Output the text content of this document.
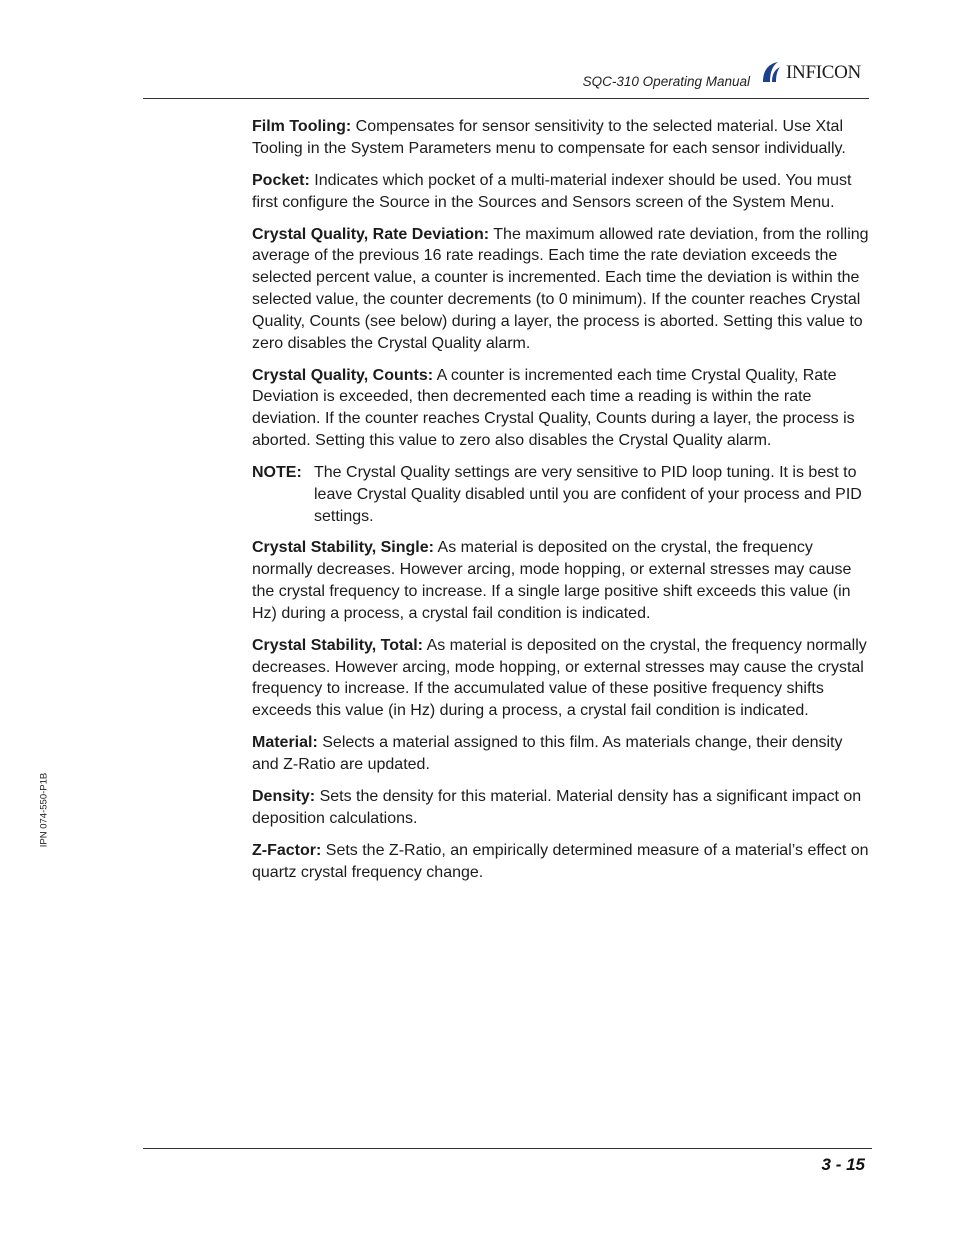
SQC-310 Operating Manual INFICON
IPN 074-550-P1B

Film Tooling: Compensates for sensor sensitivity to the selected material. Use Xtal Tooling in the System Parameters menu to compensate for each sensor individually.

Pocket: Indicates which pocket of a multi-material indexer should be used. You must first configure the Source in the Sources and Sensors screen of the System Menu.

Crystal Quality, Rate Deviation: The maximum allowed rate deviation, from the rolling average of the previous 16 rate readings. Each time the rate deviation exceeds the selected percent value, a counter is incremented. Each time the deviation is within the selected value, the counter decrements (to 0 minimum). If the counter reaches Crystal Quality, Counts (see below) during a layer, the process is aborted. Setting this value to zero disables the Crystal Quality alarm.

Crystal Quality, Counts: A counter is incremented each time Crystal Quality, Rate Deviation is exceeded, then decremented each time a reading is within the rate deviation. If the counter reaches Crystal Quality, Counts during a layer, the process is aborted. Setting this value to zero also disables the Crystal Quality alarm.

NOTE: The Crystal Quality settings are very sensitive to PID loop tuning. It is best to leave Crystal Quality disabled until you are confident of your process and PID settings.

Crystal Stability, Single: As material is deposited on the crystal, the frequency normally decreases. However arcing, mode hopping, or external stresses may cause the crystal frequency to increase. If a single large positive shift exceeds this value (in Hz) during a process, a crystal fail condition is indicated.

Crystal Stability, Total: As material is deposited on the crystal, the frequency normally decreases. However arcing, mode hopping, or external stresses may cause the crystal frequency to increase. If the accumulated value of these positive frequency shifts exceeds this value (in Hz) during a process, a crystal fail condition is indicated.

Material: Selects a material assigned to this film. As materials change, their density and Z-Ratio are updated.

Density: Sets the density for this material. Material density has a significant impact on deposition calculations.

Z-Factor: Sets the Z-Ratio, an empirically determined measure of a material’s effect on quartz crystal frequency change.

3 - 15
